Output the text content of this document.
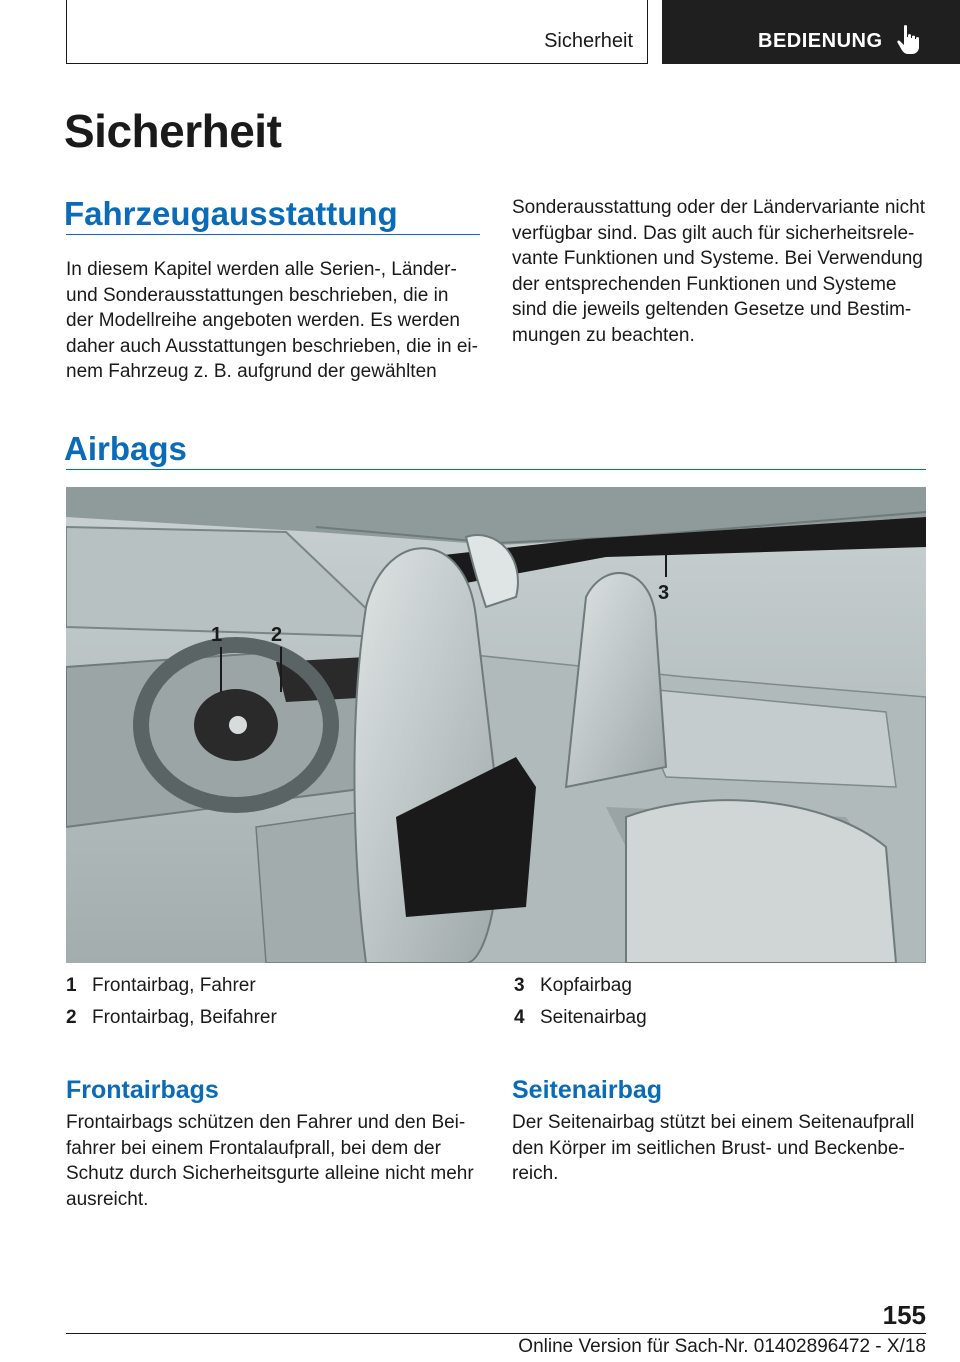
Sicherheit	BEDIENUNG
Sicherheit
Fahrzeugausstattung
In diesem Kapitel werden alle Serien-, Länder-
und Sonderausstattungen beschrieben, die in
der Modellreihe angeboten werden. Es werden
daher auch Ausstattungen beschrieben, die in ei-
nem Fahrzeug z. B. aufgrund der gewählten
Sonderausstattung oder der Ländervariante nicht
verfügbar sind. Das gilt auch für sicherheitsrele-
vante Funktionen und Systeme. Bei Verwendung
der entsprechenden Funktionen und Systeme
sind die jeweils geltenden Gesetze und Bestim-
mungen zu beachten.
Airbags
1 2
3
4
1 Frontairbag, Fahrer
2 Frontairbag, Beifahrer
3 Kopfairbag
4 Seitenairbag
Frontairbags
Frontairbags schützen den Fahrer und den Bei-
fahrer bei einem Frontalaufprall, bei dem der
Schutz durch Sicherheitsgurte alleine nicht mehr
ausreicht.
Seitenairbag
Der Seitenairbag stützt bei einem Seitenaufprall
den Körper im seitlichen Brust- und Beckenbe-
reich.
155
Online Version für Sach-Nr. 01402896472 - X/18
